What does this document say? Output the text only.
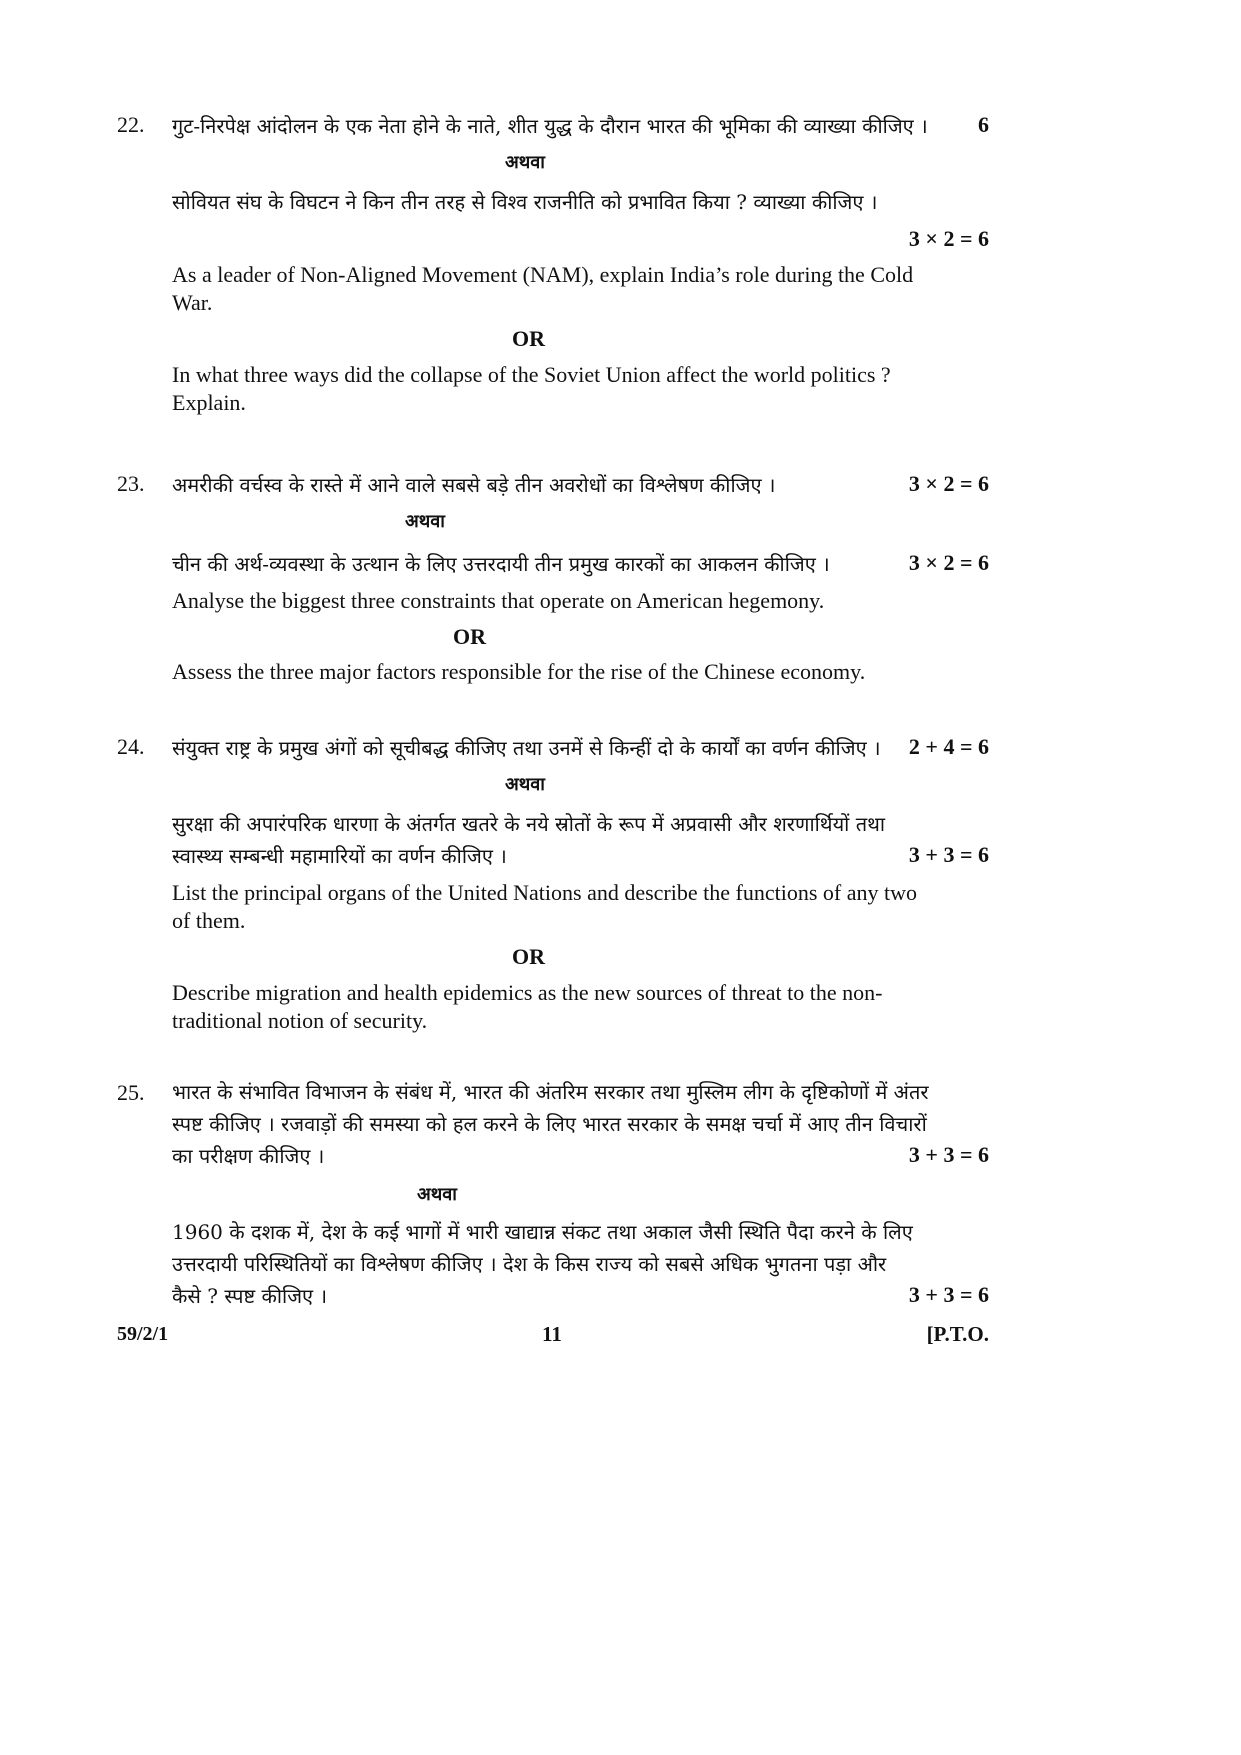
22. गुट-निरपेक्ष आंदोलन के एक नेता होने के नाते, शीत युद्ध के दौरान भारत की भूमिका की व्याख्या कीजिए । 6
अथवा
सोवियत संघ के विघटन ने किन तीन तरह से विश्व राजनीति को प्रभावित किया ? व्याख्या कीजिए ।
3 × 2 = 6
As a leader of Non-Aligned Movement (NAM), explain India’s role during the Cold
War.
OR
In what three ways did the collapse of the Soviet Union affect the world politics ?
Explain.
23. अमरीकी वर्चस्व के रास्ते में आने वाले सबसे बड़े तीन अवरोधों का विश्लेषण कीजिए ।	3 × 2 = 6
अथवा
चीन की अर्थ-व्यवस्था के उत्थान के लिए उत्तरदायी तीन प्रमुख कारकों का आकलन कीजिए ।	3 × 2 = 6
Analyse the biggest three constraints that operate on American hegemony.
OR
Assess the three major factors responsible for the rise of the Chinese economy.
24. संयुक्त राष्ट्र के प्रमुख अंगों को सूचीबद्ध कीजिए तथा उनमें से किन्हीं दो के कार्यों का वर्णन कीजिए । 2 + 4 = 6
अथवा
सुरक्षा की अपारंपरिक धारणा के अंतर्गत खतरे के नये स्रोतों के रूप में अप्रवासी और शरणार्थियों तथा
स्वास्थ्य सम्बन्धी महामारियों का वर्णन कीजिए ।	3 + 3 = 6
List the principal organs of the United Nations and describe the functions of any two
of them.
OR
Describe migration and health epidemics as the new sources of threat to the non-
traditional notion of security.
25. भारत के संभावित विभाजन के संबंध में, भारत की अंतरिम सरकार तथा मुस्लिम लीग के दृष्टिकोणों में अंतर
स्पष्ट कीजिए । रजवाड़ों की समस्या को हल करने के लिए भारत सरकार के समक्ष चर्चा में आए तीन विचारों
का परीक्षण कीजिए ।	3 + 3 = 6
अथवा
1960 के दशक में, देश के कई भागों में भारी खाद्यान्न संकट तथा अकाल जैसी स्थिति पैदा करने के लिए
उत्तरदायी परिस्थितियों का विश्लेषण कीजिए । देश के किस राज्य को सबसे अधिक भुगतना पड़ा और
कैसे ? स्पष्ट कीजिए ।	3 + 3 = 6
59/2/1	11	[P.T.O.
